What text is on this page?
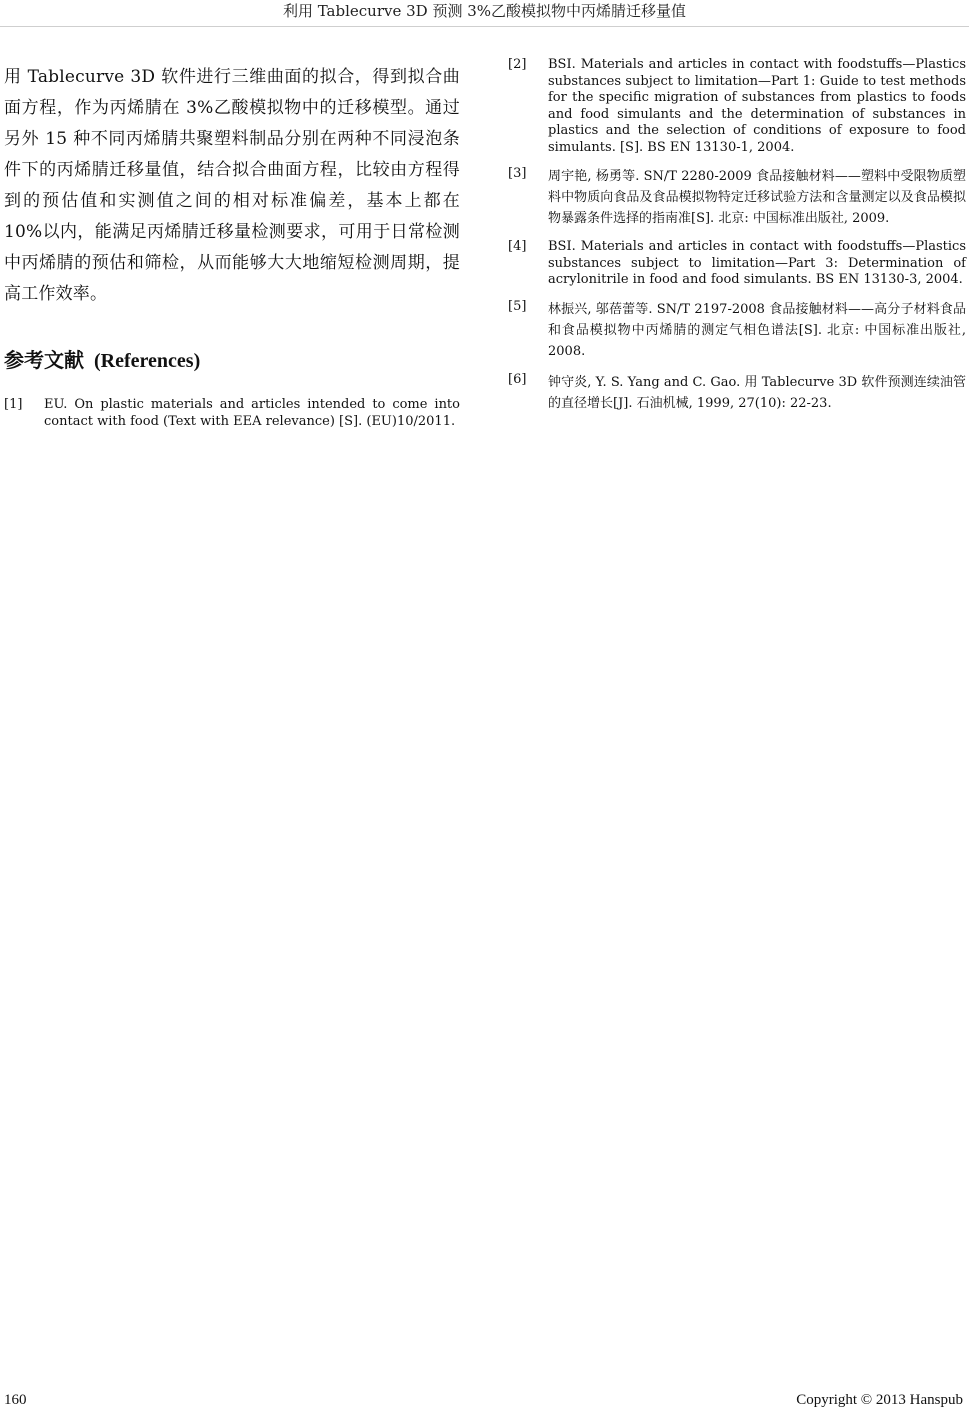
利用 Tablecurve 3D 预测 3%乙酸模拟物中丙烯腈迁移量值

用 Tablecurve 3D 软件进行三维曲面的拟合，得到拟合曲面方程，作为丙烯腈在 3%乙酸模拟物中的迁移模型。通过另外 15 种不同丙烯腈共聚塑料制品分别在两种不同浸泡条件下的丙烯腈迁移量值，结合拟合曲面方程，比较由方程得到的预估值和实测值之间的相对标准偏差，基本上都在 10%以内，能满足丙烯腈迁移量检测要求，可用于日常检测中丙烯腈的预估和筛检，从而能够大大地缩短检测周期，提高工作效率。

参考文献 (References)
[1]	EU. On plastic materials and articles intended to come into contact with food (Text with EEA relevance) [S]. (EU)10/2011.
[2]	BSI. Materials and articles in contact with foodstuffs—Plastics substances subject to limitation—Part 1: Guide to test methods for the specific migration of substances from plastics to foods and food simulants and the determination of substances in plastics and the selection of conditions of exposure to food simulants. [S]. BS EN 13130-1, 2004.
[3]	周宇艳, 杨勇等. SN/T 2280-2009 食品接触材料——塑料中受限物质塑料中物质向食品及食品模拟物特定迁移试验方法和含量测定以及食品模拟物暴露条件选择的指南准[S]. 北京: 中国标准出版社, 2009.
[4]	BSI. Materials and articles in contact with foodstuffs—Plastics substances subject to limitation—Part 3: Determination of acrylonitrile in food and food simulants. BS EN 13130-3, 2004.
[5]	林振兴, 邬蓓蕾等. SN/T 2197-2008 食品接触材料——高分子材料食品和食品模拟物中丙烯腈的测定气相色谱法[S]. 北京: 中国标准出版社, 2008.
[6]	钟守炎, Y. S. Yang and C. Gao. 用 Tablecurve 3D 软件预测连续油管的直径增长[J]. 石油机械, 1999, 27(10): 22-23.
160	Copyright © 2013 Hanspub
